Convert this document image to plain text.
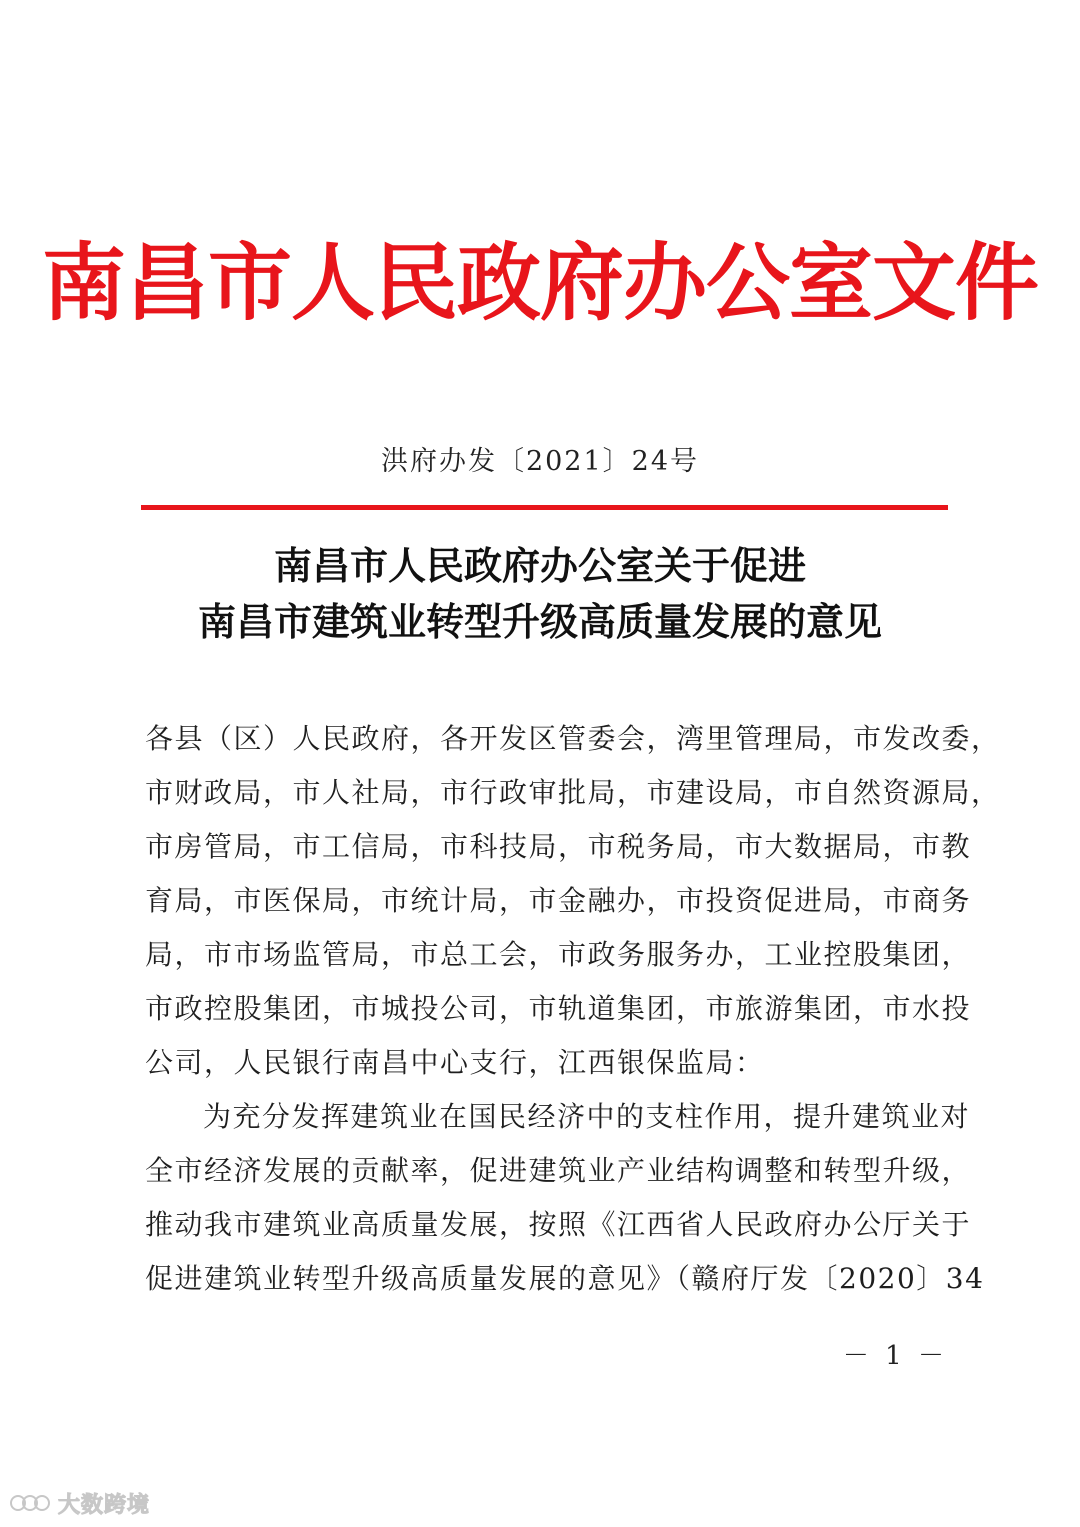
南昌市人民政府办公室文件
洪府办发〔2021〕24号
南昌市人民政府办公室关于促进
南昌市建筑业转型升级高质量发展的意见
各县（区）人民政府，各开发区管委会，湾里管理局，市发改委，
市财政局，市人社局，市行政审批局，市建设局，市自然资源局，
市房管局，市工信局，市科技局，市税务局，市大数据局，市教
育局，市医保局，市统计局，市金融办，市投资促进局，市商务
局，市市场监管局，市总工会，市政务服务办，工业控股集团，
市政控股集团，市城投公司，市轨道集团，市旅游集团，市水投
公司，人民银行南昌中心支行，江西银保监局：
为充分发挥建筑业在国民经济中的支柱作用，提升建筑业对
全市经济发展的贡献率，促进建筑业产业结构调整和转型升级，
推动我市建筑业高质量发展，按照《江西省人民政府办公厅关于
促进建筑业转型升级高质量发展的意见》（赣府厅发〔2020〕34
－ 1 －
大数跨境
